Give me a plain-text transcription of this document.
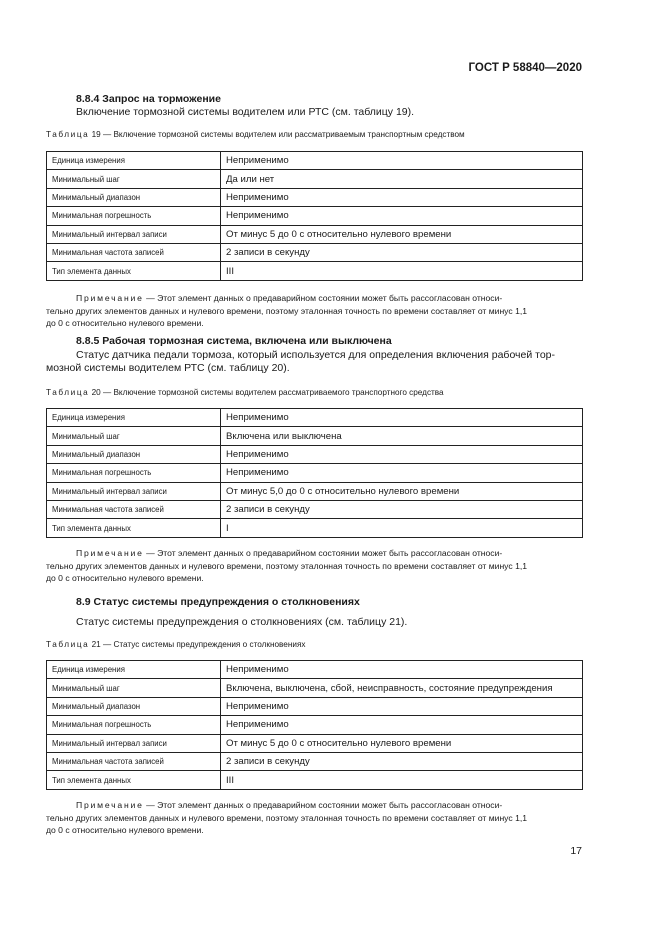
ГОСТ Р 58840—2020
8.8.4 Запрос на торможение
Включение тормозной системы водителем или РТС (см. таблицу 19).
Таблица 19 — Включение тормозной системы водителем или рассматриваемым транспортным средством
Единица измерения	Неприменимо
Минимальный шаг	Да или нет
Минимальный диапазон	Неприменимо
Минимальная погрешность	Неприменимо
Минимальный интервал записи	От минус 5 до 0 с относительно нулевого времени
Минимальная частота записей	2 записи в секунду
Тип элемента данных	III
Примечание — Этот элемент данных о предаварийном состоянии может быть рассогласован относи-
тельно других элементов данных и нулевого времени, поэтому эталонная точность по времени составляет от минус 1,1
до 0 с относительно нулевого времени.
8.8.5 Рабочая тормозная система, включена или выключена
Статус датчика педали тормоза, который используется для определения включения рабочей тор-
мозной системы водителем РТС (см. таблицу 20).
Таблица 20 — Включение тормозной системы водителем рассматриваемого транспортного средства
Единица измерения	Неприменимо
Минимальный шаг	Включена или выключена
Минимальный диапазон	Неприменимо
Минимальная погрешность	Неприменимо
Минимальный интервал записи	От минус 5,0 до 0 с относительно нулевого времени
Минимальная частота записей	2 записи в секунду
Тип элемента данных	I
Примечание — Этот элемент данных о предаварийном состоянии может быть рассогласован относи-
тельно других элементов данных и нулевого времени, поэтому эталонная точность по времени составляет от минус 1,1
до 0 с относительно нулевого времени.
8.9 Статус системы предупреждения о столкновениях
Статус системы предупреждения о столкновениях (см. таблицу 21).
Таблица 21 — Статус системы предупреждения о столкновениях
Единица измерения	Неприменимо
Минимальный шаг	Включена, выключена, сбой, неисправность, состояние предупреждения
Минимальный диапазон	Неприменимо
Минимальная погрешность	Неприменимо
Минимальный интервал записи	От минус 5 до 0 с относительно нулевого времени
Минимальная частота записей	2 записи в секунду
Тип элемента данных	III
Примечание — Этот элемент данных о предаварийном состоянии может быть рассогласован относи-
тельно других элементов данных и нулевого времени, поэтому эталонная точность по времени составляет от минус 1,1
до 0 с относительно нулевого времени.
17
